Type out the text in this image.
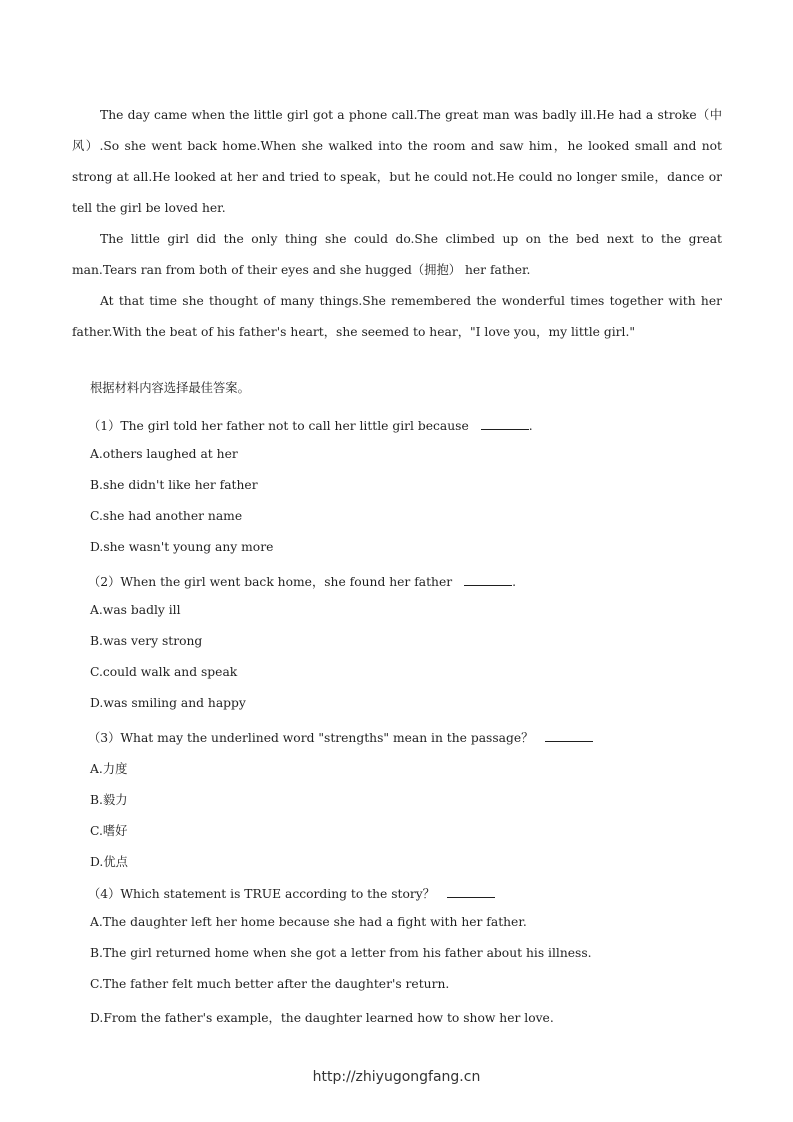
The day came when the little girl got a phone call.The great man was badly ill.He had a stroke（中风）.So she went back home.When she walked into the room and saw him，he looked small and not strong at all.He looked at her and tried to speak，but he could not.He could no longer smile，dance or tell the girl be loved her.

The little girl did the only thing she could do.She climbed up on the bed next to the great man.Tears ran from both of their eyes and she hugged（拥抱） her father.

At that time she thought of many things.She remembered the wonderful times together with her father.With the beat of his father's heart，she seemed to hear，"I love you，my little girl."

根据材料内容选择最佳答案。
（1）The girl told her father not to call her little girl because	.
A.others laughed at her
B.she didn't like her father
C.she had another name
D.she wasn't young any more
（2）When the girl went back home，she found her father	.
A.was badly ill
B.was very strong
C.could walk and speak
D.was smiling and happy
（3）What may the underlined word "strengths" mean in the passage？
A.力度
B.毅力
C.嗜好
D.优点
（4）Which statement is TRUE according to the story？
A.The daughter left her home because she had a fight with her father.
B.The girl returned home when she got a letter from his father about his illness.
C.The father felt much better after the daughter's return.
D.From the father's example，the daughter learned how to show her love.
http://zhiyugongfang.cn
